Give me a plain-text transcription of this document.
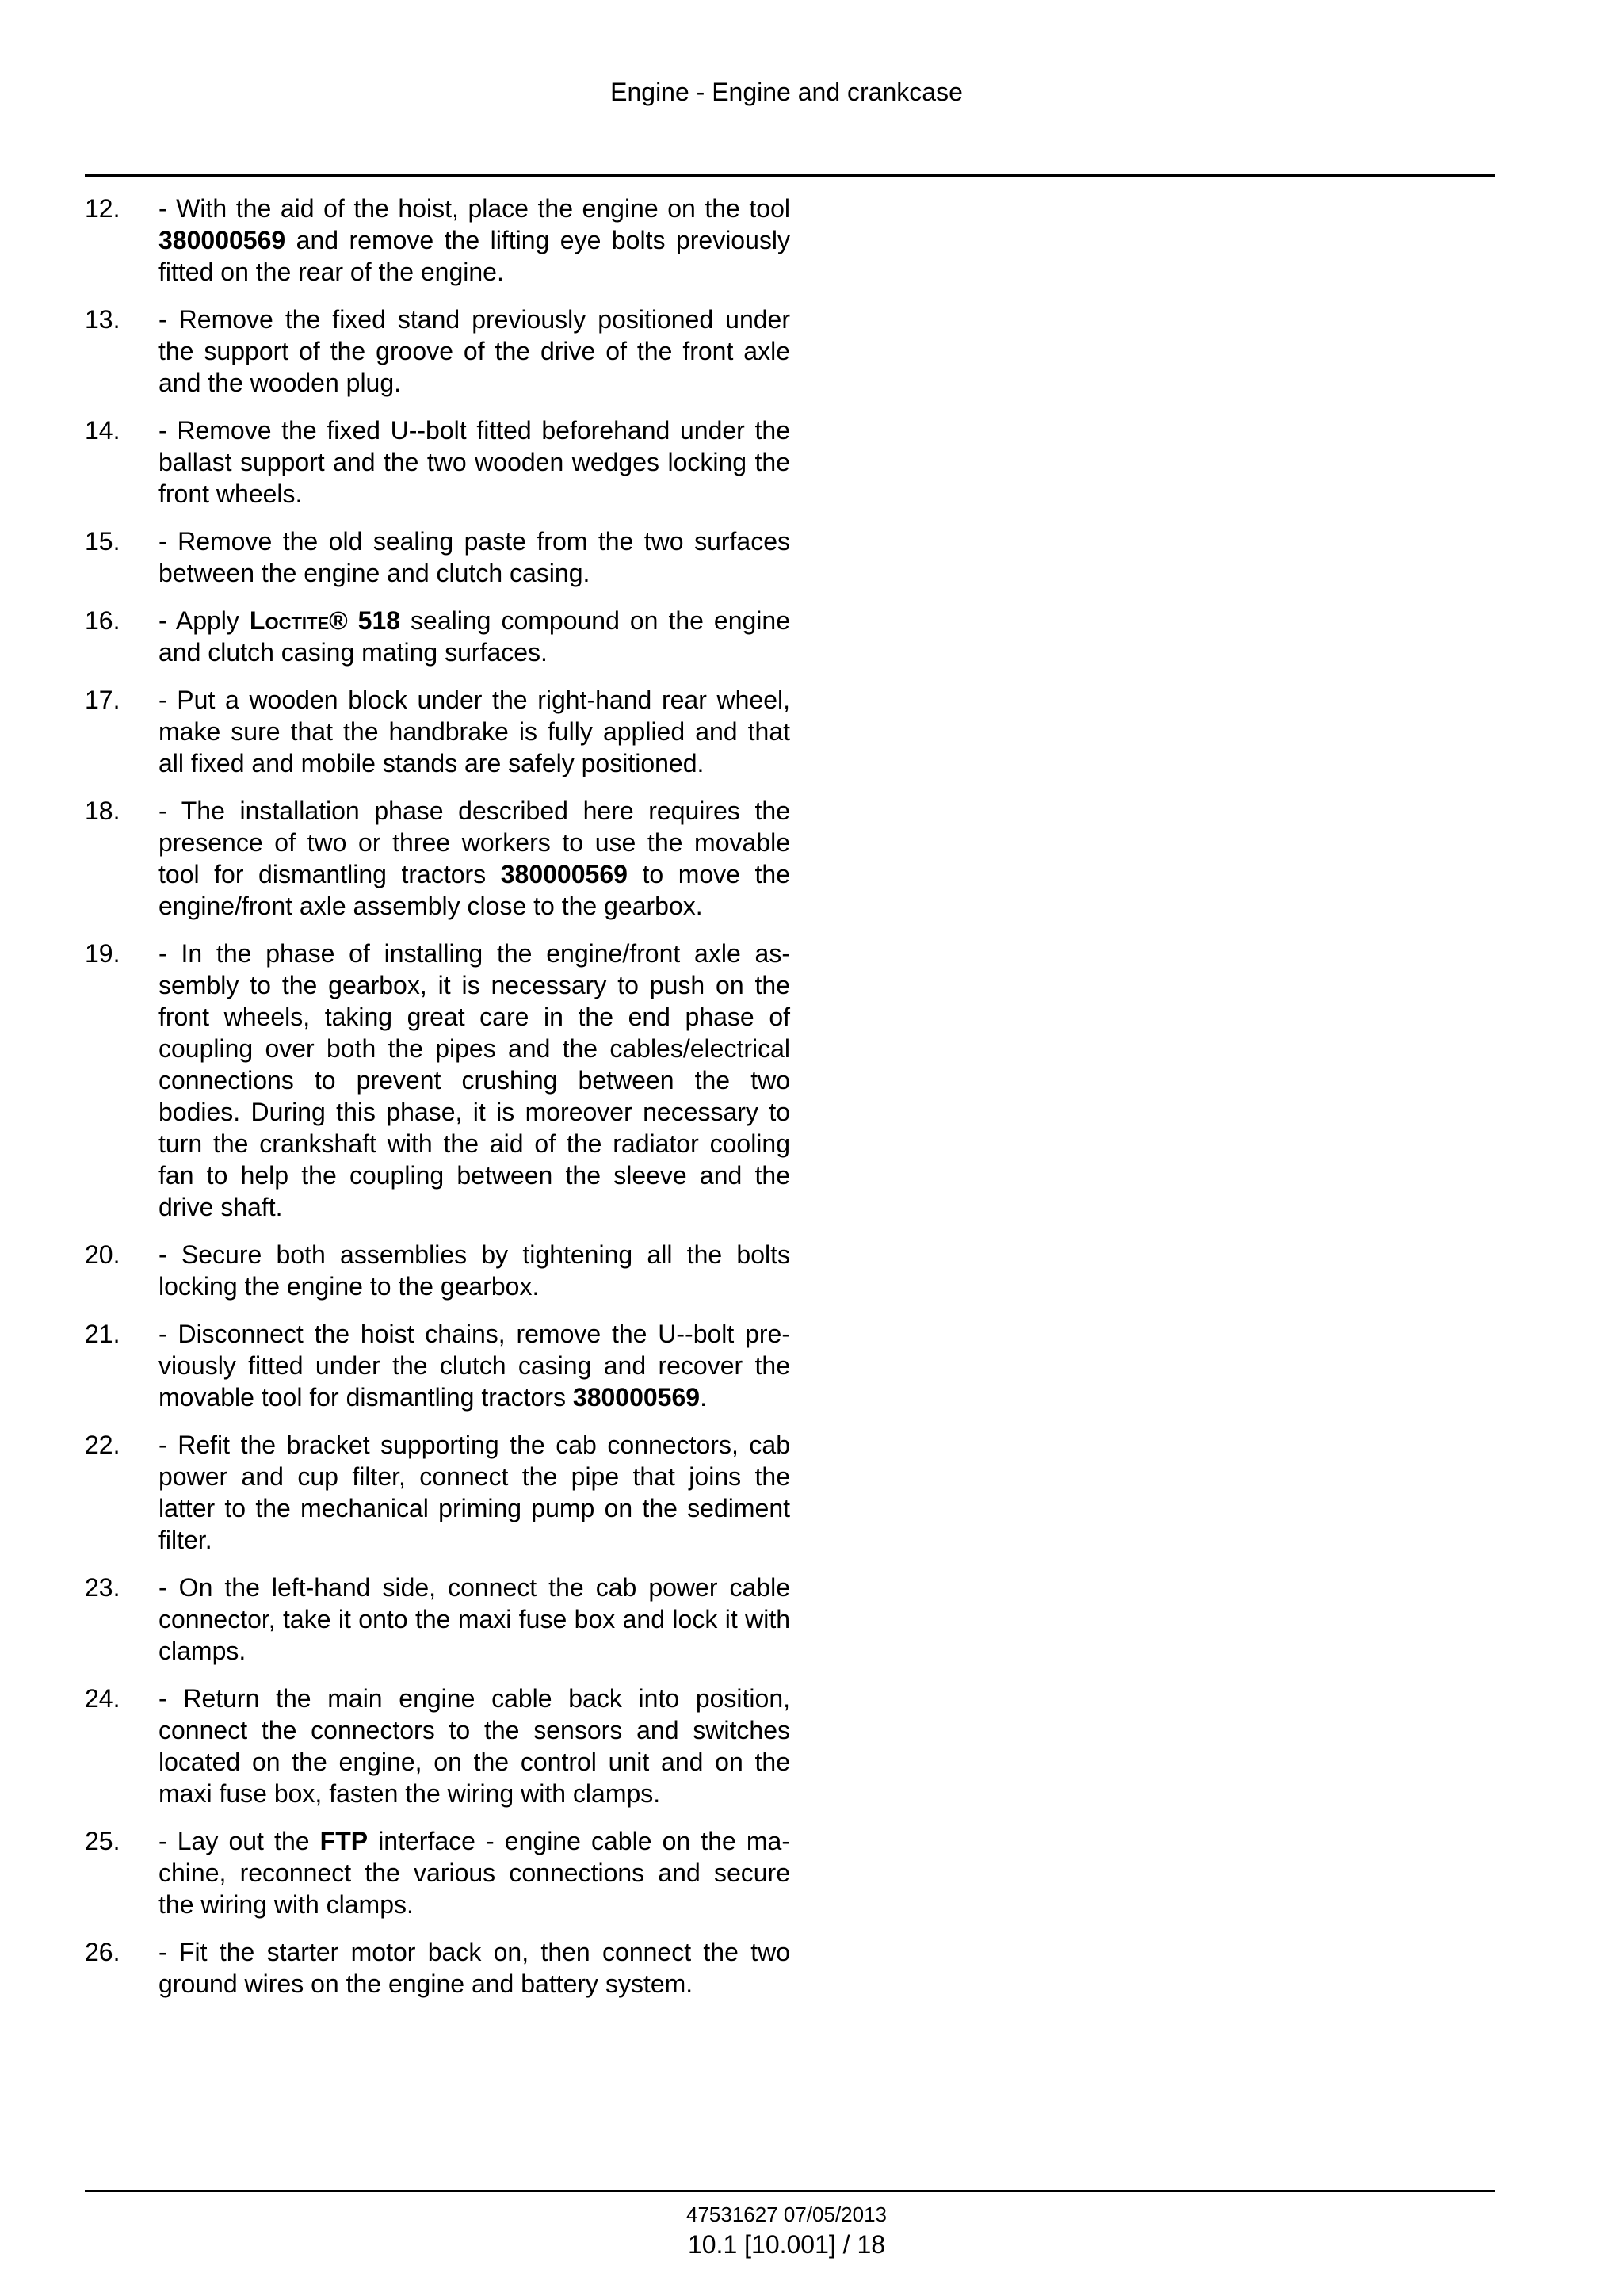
Engine - Engine and crankcase
12.	- With the aid of the hoist, place the engine on the tool 380000569 and remove the lifting eye bolts previously fitted on the rear of the engine.
13.	- Remove the fixed stand previously positioned under the support of the groove of the drive of the front axle and the wooden plug.
14.	- Remove the fixed U--bolt fitted beforehand under the ballast support and the two wooden wedges locking the front wheels.
15.	- Remove the old sealing paste from the two surfaces between the engine and clutch casing.
16.	- Apply Loctite® 518 sealing compound on the engine and clutch casing mating surfaces.
17.	- Put a wooden block under the right-hand rear wheel, make sure that the handbrake is fully applied and that all fixed and mobile stands are safely positioned.
18.	- The installation phase described here requires the presence of two or three workers to use the movable tool for dismantling tractors 380000569 to move the engine/front axle assembly close to the gearbox.
19.	- In the phase of installing the engine/front axle assembly to the gearbox, it is necessary to push on the front wheels, taking great care in the end phase of coupling over both the pipes and the cables/electrical connections to prevent crushing between the two bodies. During this phase, it is moreover necessary to turn the crankshaft with the aid of the radiator cooling fan to help the coupling between the sleeve and the drive shaft.
20.	- Secure both assemblies by tightening all the bolts locking the engine to the gearbox.
21.	- Disconnect the hoist chains, remove the U--bolt previously fitted under the clutch casing and recover the movable tool for dismantling tractors 380000569.
22.	- Refit the bracket supporting the cab connectors, cab power and cup filter, connect the pipe that joins the latter to the mechanical priming pump on the sediment filter.
23.	- On the left-hand side, connect the cab power cable connector, take it onto the maxi fuse box and lock it with clamps.
24.	- Return the main engine cable back into position, connect the connectors to the sensors and switches located on the engine, on the control unit and on the maxi fuse box, fasten the wiring with clamps.
25.	- Lay out the FTP interface - engine cable on the machine, reconnect the various connections and secure the wiring with clamps.
26.	- Fit the starter motor back on, then connect the two ground wires on the engine and battery system.
47531627 07/05/2013
10.1 [10.001] / 18
